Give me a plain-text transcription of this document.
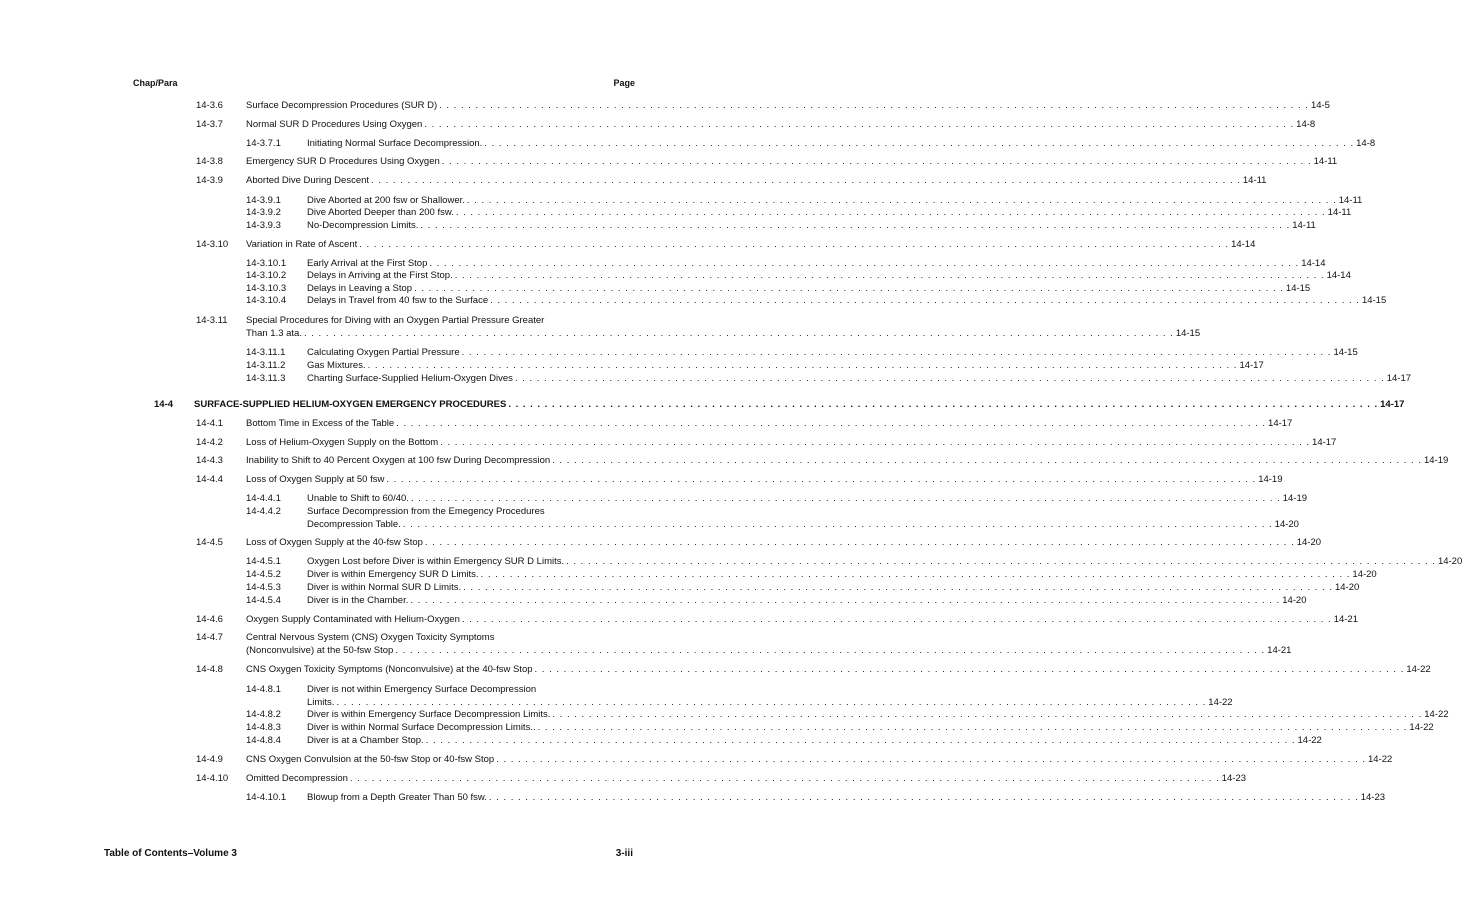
Chap/Para	Page
14-3.6 Surface Decompression Procedures (SUR D) . . . . . . . . . . . . . . . . . . . . . . . . . . . . . . . . . . . . . . . . . . . . . . . . . . . . . . . . . . . . . . . . . . . . . . . . . . . . . . . . . . . . . . . . . . . . . . . . . . . . . . . . . . . . . . . . . . . . . . . . 14-5
14-3.7 Normal SUR D Procedures Using Oxygen . . . . . . . . . . . . . . . . . . . . . . . . . . . . . . . . . . . . . . . . . . . . . . . . . . . . . . . . . . . . . . . . . . . . . . . . . . . . . . . . . . . . . . . . . . . . . . . . . . . . . . . . . . . . . . . . . . . . . . . . 14-8
14-3.7.1	Initiating Normal Surface Decompression. . . . . . . . . . . . . . . . . . . . . . . . . . . . . . . . . . . . . . . . . . . . . . . . . . . . . . . . . . . . . . . . . . . . . . . . . . . . . . . . . . . . . . . . . . . . . . . . . . . . . . . . . . . . . . . . . . . . . . . . . 14-8
14-3.8 Emergency SUR D Procedures Using Oxygen . . . . . . . . . . . . . . . . . . . . . . . . . . . . . . . . . . . . . . . . . . . . . . . . . . . . . . . . . . . . . . . . . . . . . . . . . . . . . . . . . . . . . . . . . . . . . . . . . . . . . . . . . . . . . . . . . . . . . . . . 14-11
14-3.9 Aborted Dive During Descent . . . . . . . . . . . . . . . . . . . . . . . . . . . . . . . . . . . . . . . . . . . . . . . . . . . . . . . . . . . . . . . . . . . . . . . . . . . . . . . . . . . . . . . . . . . . . . . . . . . . . . . . . . . . . . . . . . . . . . . . 14-11
14-3.9.1	Dive Aborted at 200 fsw or Shallower. . . . . . . . . . . . . . . . . . . . . . . . . . . . . . . . . . . . . . . . . . . . . . . . . . . . . . . . . . . . . . . . . . . . . . . . . . . . . . . . . . . . . . . . . . . . . . . . . . . . . . . . . . . . . . . . . . . . . . . . . 14-11
14-3.9.2	Dive Aborted Deeper than 200 fsw. . . . . . . . . . . . . . . . . . . . . . . . . . . . . . . . . . . . . . . . . . . . . . . . . . . . . . . . . . . . . . . . . . . . . . . . . . . . . . . . . . . . . . . . . . . . . . . . . . . . . . . . . . . . . . . . . . . . . . . . . 14-11
14-3.9.3	No-Decompression Limits. . . . . . . . . . . . . . . . . . . . . . . . . . . . . . . . . . . . . . . . . . . . . . . . . . . . . . . . . . . . . . . . . . . . . . . . . . . . . . . . . . . . . . . . . . . . . . . . . . . . . . . . . . . . . . . . . . . . . . . . . 14-11
14-3.10 Variation in Rate of Ascent . . . . . . . . . . . . . . . . . . . . . . . . . . . . . . . . . . . . . . . . . . . . . . . . . . . . . . . . . . . . . . . . . . . . . . . . . . . . . . . . . . . . . . . . . . . . . . . . . . . . . . . . . . . . . . . . . . . . . . . . 14-14
14-3.10.1 Early Arrival at the First Stop . . . . . . . . . . . . . . . . . . . . . . . . . . . . . . . . . . . . . . . . . . . . . . . . . . . . . . . . . . . . . . . . . . . . . . . . . . . . . . . . . . . . . . . . . . . . . . . . . . . . . . . . . . . . . . . . . . . . . . . . 14-14
14-3.10.2 Delays in Arriving at the First Stop. . . . . . . . . . . . . . . . . . . . . . . . . . . . . . . . . . . . . . . . . . . . . . . . . . . . . . . . . . . . . . . . . . . . . . . . . . . . . . . . . . . . . . . . . . . . . . . . . . . . . . . . . . . . . . . . . . . . . . . . . 14-14
14-3.10.3 Delays in Leaving a Stop . . . . . . . . . . . . . . . . . . . . . . . . . . . . . . . . . . . . . . . . . . . . . . . . . . . . . . . . . . . . . . . . . . . . . . . . . . . . . . . . . . . . . . . . . . . . . . . . . . . . . . . . . . . . . . . . . . . . . . . . 14-15
14-3.10.4 Delays in Travel from 40 fsw to the Surface . . . . . . . . . . . . . . . . . . . . . . . . . . . . . . . . . . . . . . . . . . . . . . . . . . . . . . . . . . . . . . . . . . . . . . . . . . . . . . . . . . . . . . . . . . . . . . . . . . . . . . . . . . . . . . . . . . . . . . . . 14-15
14-3.11 Special Procedures for Diving with an Oxygen Partial Pressure Greater
Than 1.3 ata. . . . . . . . . . . . . . . . . . . . . . . . . . . . . . . . . . . . . . . . . . . . . . . . . . . . . . . . . . . . . . . . . . . . . . . . . . . . . . . . . . . . . . . . . . . . . . . . . . . . . . . . . . . . . . . . . . . . . . . . . 14-15
14-3.11.1 Calculating Oxygen Partial Pressure . . . . . . . . . . . . . . . . . . . . . . . . . . . . . . . . . . . . . . . . . . . . . . . . . . . . . . . . . . . . . . . . . . . . . . . . . . . . . . . . . . . . . . . . . . . . . . . . . . . . . . . . . . . . . . . . . . . . . . . . 14-15
14-3.11.2 Gas Mixtures. . . . . . . . . . . . . . . . . . . . . . . . . . . . . . . . . . . . . . . . . . . . . . . . . . . . . . . . . . . . . . . . . . . . . . . . . . . . . . . . . . . . . . . . . . . . . . . . . . . . . . . . . . . . . . . . . . . . . . . . . 14-17
14-3.11.3 Charting Surface-Supplied Helium-Oxygen Dives . . . . . . . . . . . . . . . . . . . . . . . . . . . . . . . . . . . . . . . . . . . . . . . . . . . . . . . . . . . . . . . . . . . . . . . . . . . . . . . . . . . . . . . . . . . . . . . . . . . . . . . . . . . . . . . . . . . . . . . . 14-17
14-4 SURFACE-SUPPLIED HELIUM-OXYGEN EMERGENCY PROCEDURES . . . . . . . . . . . . . . . . . . . . . . . . . . . . . . . . . . . . . . . . . . . . . . . . . . . . . . . . . . . . . . . . . . . . . . . . . . . . . . . . . . . . . . . . . . . . . . . . . . . . . . . . . . . . . . . . . . . . . . . . 14-17
14-4.1 Bottom Time in Excess of the Table . . . . . . . . . . . . . . . . . . . . . . . . . . . . . . . . . . . . . . . . . . . . . . . . . . . . . . . . . . . . . . . . . . . . . . . . . . . . . . . . . . . . . . . . . . . . . . . . . . . . . . . . . . . . . . . . . . . . . . . . 14-17
14-4.2 Loss of Helium-Oxygen Supply on the Bottom . . . . . . . . . . . . . . . . . . . . . . . . . . . . . . . . . . . . . . . . . . . . . . . . . . . . . . . . . . . . . . . . . . . . . . . . . . . . . . . . . . . . . . . . . . . . . . . . . . . . . . . . . . . . . . . . . . . . . . . . 14-17
14-4.3 Inability to Shift to 40 Percent Oxygen at 100 fsw During Decompression . . . . . . . . . . . . . . . . . . . . . . . . . . . . . . . . . . . . . . . . . . . . . . . . . . . . . . . . . . . . . . . . . . . . . . . . . . . . . . . . . . . . . . . . . . . . . . . . . . . . . . . . . . . . . . . . . . . . . . . . 14-19
14-4.4 Loss of Oxygen Supply at 50 fsw . . . . . . . . . . . . . . . . . . . . . . . . . . . . . . . . . . . . . . . . . . . . . . . . . . . . . . . . . . . . . . . . . . . . . . . . . . . . . . . . . . . . . . . . . . . . . . . . . . . . . . . . . . . . . . . . . . . . . . . . 14-19
14-4.4.1	Unable to Shift to 60/40. . . . . . . . . . . . . . . . . . . . . . . . . . . . . . . . . . . . . . . . . . . . . . . . . . . . . . . . . . . . . . . . . . . . . . . . . . . . . . . . . . . . . . . . . . . . . . . . . . . . . . . . . . . . . . . . . . . . . . . . . 14-19
14-4.4.2	Surface Decompression from the Emegency Procedures
Decompression Table. . . . . . . . . . . . . . . . . . . . . . . . . . . . . . . . . . . . . . . . . . . . . . . . . . . . . . . . . . . . . . . . . . . . . . . . . . . . . . . . . . . . . . . . . . . . . . . . . . . . . . . . . . . . . . . . . . . . . . . . . 14-20
14-4.5 Loss of Oxygen Supply at the 40-fsw Stop . . . . . . . . . . . . . . . . . . . . . . . . . . . . . . . . . . . . . . . . . . . . . . . . . . . . . . . . . . . . . . . . . . . . . . . . . . . . . . . . . . . . . . . . . . . . . . . . . . . . . . . . . . . . . . . . . . . . . . . . 14-20
14-4.5.1	Oxygen Lost before Diver is within Emergency SUR D Limits. . . . . . . . . . . . . . . . . . . . . . . . . . . . . . . . . . . . . . . . . . . . . . . . . . . . . . . . . . . . . . . . . . . . . . . . . . . . . . . . . . . . . . . . . . . . . . . . . . . . . . . . . . . . . . . . . . . . . . . . . 14-20
14-4.5.2	Diver is within Emergency SUR D Limits. . . . . . . . . . . . . . . . . . . . . . . . . . . . . . . . . . . . . . . . . . . . . . . . . . . . . . . . . . . . . . . . . . . . . . . . . . . . . . . . . . . . . . . . . . . . . . . . . . . . . . . . . . . . . . . . . . . . . . . . . 14-20
14-4.5.3	Diver is within Normal SUR D Limits. . . . . . . . . . . . . . . . . . . . . . . . . . . . . . . . . . . . . . . . . . . . . . . . . . . . . . . . . . . . . . . . . . . . . . . . . . . . . . . . . . . . . . . . . . . . . . . . . . . . . . . . . . . . . . . . . . . . . . . . . 14-20
14-4.5.4	Diver is in the Chamber. . . . . . . . . . . . . . . . . . . . . . . . . . . . . . . . . . . . . . . . . . . . . . . . . . . . . . . . . . . . . . . . . . . . . . . . . . . . . . . . . . . . . . . . . . . . . . . . . . . . . . . . . . . . . . . . . . . . . . . . . 14-20
14-4.6 Oxygen Supply Contaminated with Helium-Oxygen . . . . . . . . . . . . . . . . . . . . . . . . . . . . . . . . . . . . . . . . . . . . . . . . . . . . . . . . . . . . . . . . . . . . . . . . . . . . . . . . . . . . . . . . . . . . . . . . . . . . . . . . . . . . . . . . . . . . . . . . 14-21
14-4.7 Central Nervous System (CNS) Oxygen Toxicity Symptoms
(Nonconvulsive) at the 50-fsw Stop . . . . . . . . . . . . . . . . . . . . . . . . . . . . . . . . . . . . . . . . . . . . . . . . . . . . . . . . . . . . . . . . . . . . . . . . . . . . . . . . . . . . . . . . . . . . . . . . . . . . . . . . . . . . . . . . . . . . . . . . 14-21
14-4.8 CNS Oxygen Toxicity Symptoms (Nonconvulsive) at the 40-fsw Stop . . . . . . . . . . . . . . . . . . . . . . . . . . . . . . . . . . . . . . . . . . . . . . . . . . . . . . . . . . . . . . . . . . . . . . . . . . . . . . . . . . . . . . . . . . . . . . . . . . . . . . . . . . . . . . . . . . . . . . . . 14-22
14-4.8.1	Diver is not within Emergency Surface Decompression
Limits. . . . . . . . . . . . . . . . . . . . . . . . . . . . . . . . . . . . . . . . . . . . . . . . . . . . . . . . . . . . . . . . . . . . . . . . . . . . . . . . . . . . . . . . . . . . . . . . . . . . . . . . . . . . . . . . . . . . . . . . . 14-22
14-4.8.2	Diver is within Emergency Surface Decompression Limits. . . . . . . . . . . . . . . . . . . . . . . . . . . . . . . . . . . . . . . . . . . . . . . . . . . . . . . . . . . . . . . . . . . . . . . . . . . . . . . . . . . . . . . . . . . . . . . . . . . . . . . . . . . . . . . . . . . . . . . . . 14-22
14-4.8.3	Diver is within Normal Surface Decompression Limits.. . . . . . . . . . . . . . . . . . . . . . . . . . . . . . . . . . . . . . . . . . . . . . . . . . . . . . . . . . . . . . . . . . . . . . . . . . . . . . . . . . . . . . . . . . . . . . . . . . . . . . . . . . . . . . . . . . . . . . . . . 14-22
14-4.8.4	Diver is at a Chamber Stop. . . . . . . . . . . . . . . . . . . . . . . . . . . . . . . . . . . . . . . . . . . . . . . . . . . . . . . . . . . . . . . . . . . . . . . . . . . . . . . . . . . . . . . . . . . . . . . . . . . . . . . . . . . . . . . . . . . . . . . . . 14-22
14-4.9 CNS Oxygen Convulsion at the 50-fsw Stop or 40-fsw Stop . . . . . . . . . . . . . . . . . . . . . . . . . . . . . . . . . . . . . . . . . . . . . . . . . . . . . . . . . . . . . . . . . . . . . . . . . . . . . . . . . . . . . . . . . . . . . . . . . . . . . . . . . . . . . . . . . . . . . . . . 14-22
14-4.10 Omitted Decompression . . . . . . . . . . . . . . . . . . . . . . . . . . . . . . . . . . . . . . . . . . . . . . . . . . . . . . . . . . . . . . . . . . . . . . . . . . . . . . . . . . . . . . . . . . . . . . . . . . . . . . . . . . . . . . . . . . . . . . . . 14-23
14-4.10.1 Blowup from a Depth Greater Than 50 fsw. . . . . . . . . . . . . . . . . . . . . . . . . . . . . . . . . . . . . . . . . . . . . . . . . . . . . . . . . . . . . . . . . . . . . . . . . . . . . . . . . . . . . . . . . . . . . . . . . . . . . . . . . . . . . . . . . . . . . . . . . 14-23
Table of Contents–Volume 3	3-iii
